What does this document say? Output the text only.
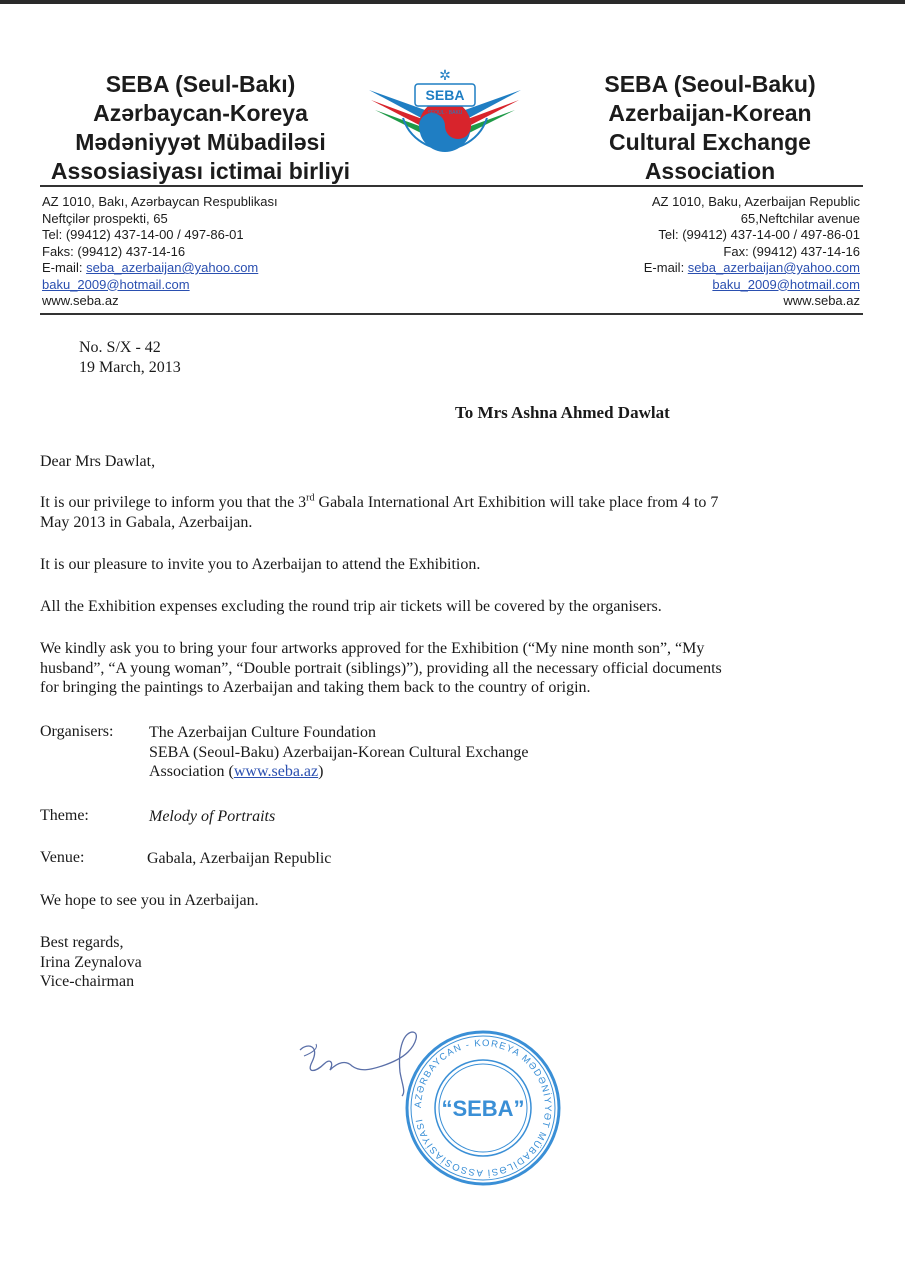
SEBA (Seul-Bakı)
Azərbaycan-Koreya
Mədəniyyət Mübadiləsi
Assosiasiyası ictimai birliyi
✲
SEBA
SEOUL · BAKU
SEBA (Seoul-Baku)
Azerbaijan-Korean
Cultural Exchange
Association
AZ 1010, Bakı, Azərbaycan Respublikası
Neftçilər prospekti, 65
Tel: (99412) 437-14-00 / 497-86-01
Faks: (99412) 437-14-16
E-mail: seba_azerbaijan@yahoo.com
baku_2009@hotmail.com
www.seba.az
AZ 1010, Baku, Azerbaijan Republic
65,Neftchilar avenue
Tel: (99412) 437-14-00 / 497-86-01
Fax: (99412) 437-14-16
E-mail: seba_azerbaijan@yahoo.com
baku_2009@hotmail.com
www.seba.az
No. S/X - 42
19 March, 2013
To Mrs Ashna Ahmed Dawlat
Dear Mrs Dawlat,
It is our privilege to inform you that the 3rd Gabala International Art Exhibition will take place from 4 to 7
May 2013 in Gabala, Azerbaijan.
It is our pleasure to invite you to Azerbaijan to attend the Exhibition.
All the Exhibition expenses excluding the round trip air tickets will be covered by the organisers.
We kindly ask you to bring your four artworks approved for the Exhibition (“My nine month son”, “My
husband”, “A young woman”, “Double portrait (siblings)”), providing all the necessary official documents
for bringing the paintings to Azerbaijan and taking them back to the country of origin.
Organisers: The Azerbaijan Culture Foundation
SEBA (Seoul-Baku) Azerbaijan-Korean Cultural Exchange
Association (www.seba.az)
Theme:	Melody of Portraits
Venue:	Gabala, Azerbaijan Republic
We hope to see you in Azerbaijan.
Best regards,
Irina Zeynalova
Vice-chairman
AZƏRBAYCAN - KOREYA MƏDƏNİYYƏT MÜBADİLƏSİ ASSOSİASİYASI “SEBA”
